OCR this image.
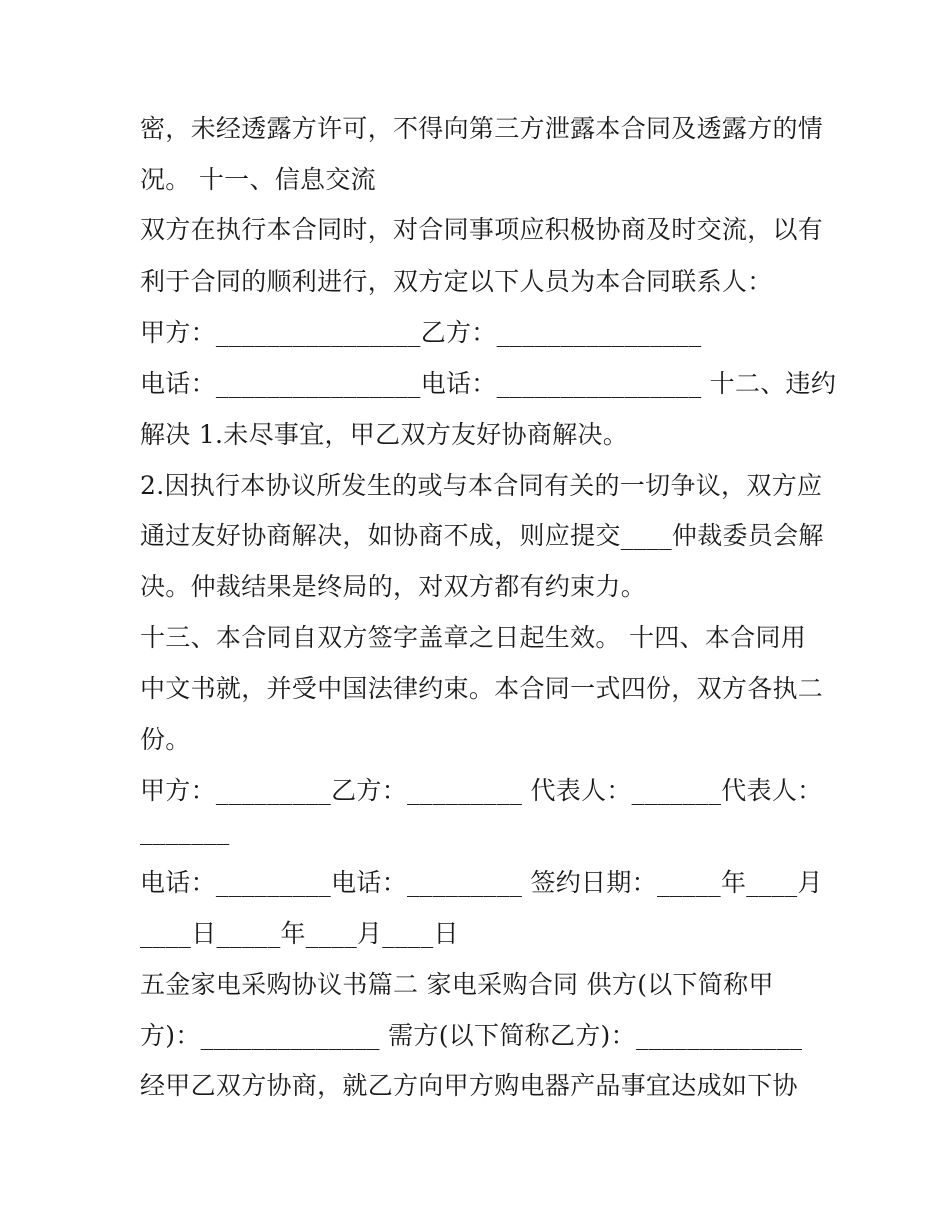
密，未经透露方许可，不得向第三方泄露本合同及透露方的情
况。 十一、信息交流
双方在执行本合同时，对合同事项应积极协商及时交流，以有
利于合同的顺利进行，双方定以下人员为本合同联系人：
甲方：________________乙方：________________
电话：________________电话：________________ 十二、违约
解决 1.未尽事宜，甲乙双方友好协商解决。
2.因执行本协议所发生的或与本合同有关的一切争议，双方应
通过友好协商解决，如协商不成，则应提交____仲裁委员会解
决。仲裁结果是终局的，对双方都有约束力。
十三、本合同自双方签字盖章之日起生效。 十四、本合同用
中文书就，并受中国法律约束。本合同一式四份，双方各执二
份。
甲方：_________乙方：_________ 代表人：_______代表人：
_______
电话：_________电话：_________ 签约日期：_____年____月
____日_____年____月____日
五金家电采购协议书篇二 家电采购合同 供方(以下简称甲
方)：______________ 需方(以下简称乙方)：_____________
经甲乙双方协商，就乙方向甲方购电器产品事宜达成如下协
